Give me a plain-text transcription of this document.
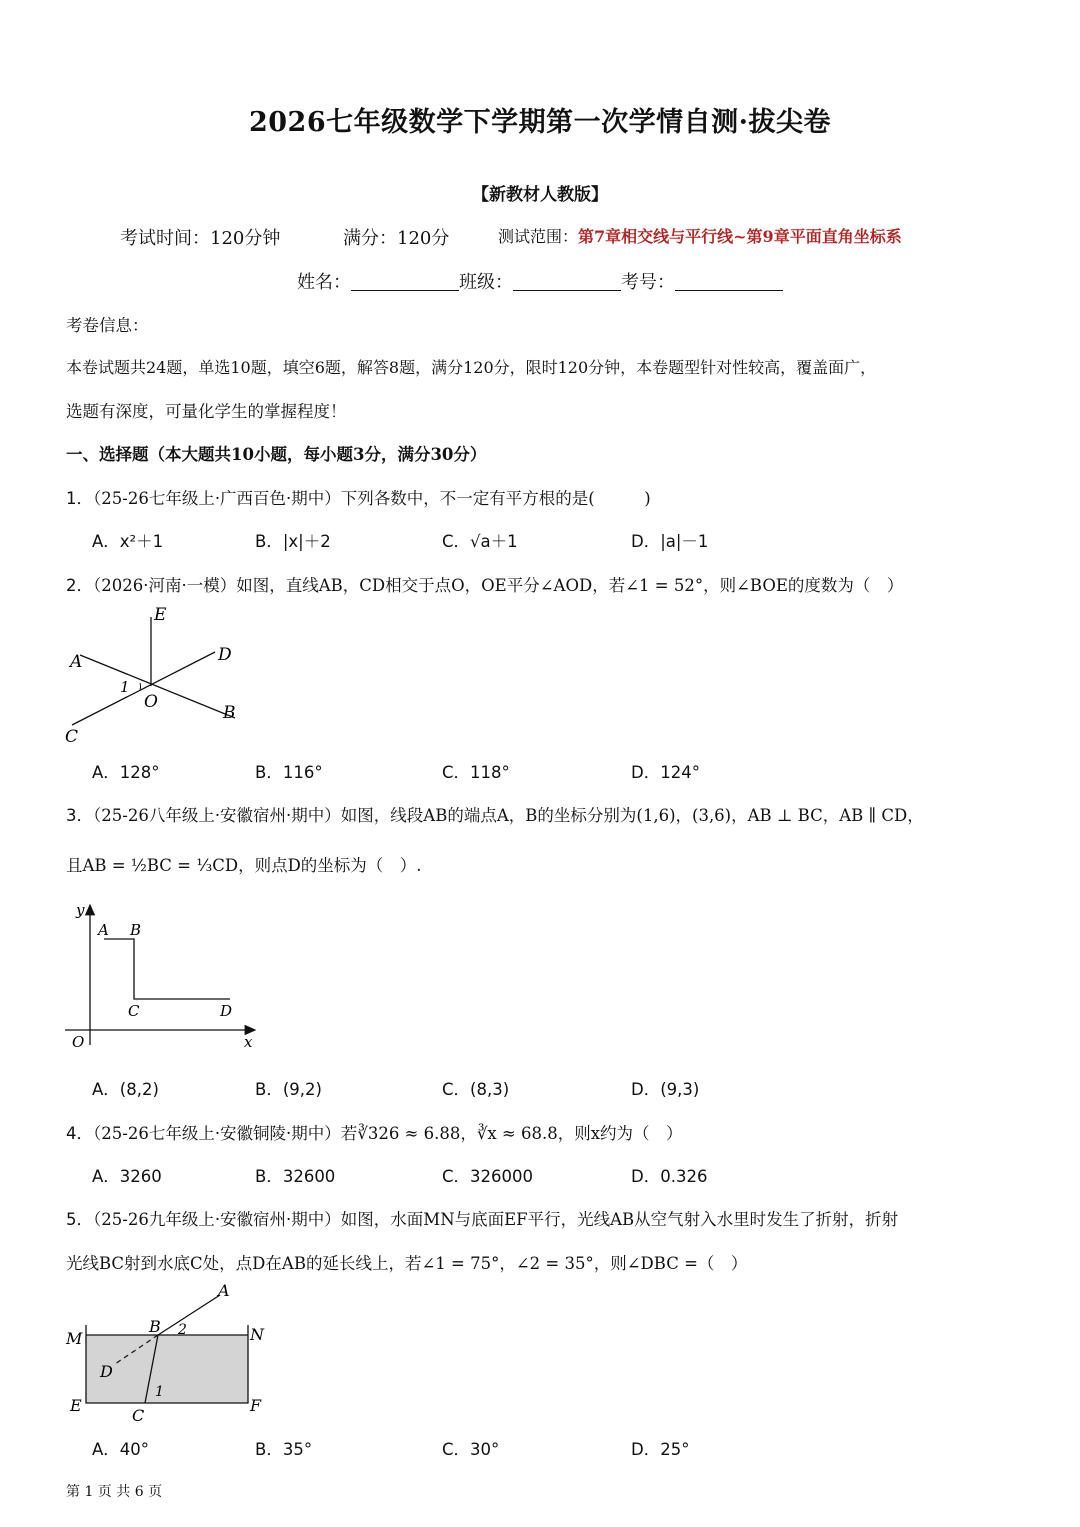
2026七年级数学下学期第一次学情自测·拔尖卷
【新教材人教版】
考试时间：120分钟	满分：120分	测试范围：第7章相交线与平行线~第9章平面直角坐标系
姓名：	班级：	考号：
考卷信息：
本卷试题共24题，单选10题，填空6题，解答8题，满分120分，限时120分钟，本卷题型针对性较高，覆盖面广，
选题有深度，可量化学生的掌握程度！
一、选择题（本大题共10小题，每小题3分，满分30分）
1．（25-26七年级上·广西百色·期中）下列各数中，不一定有平方根的是(　　　)
A．x²＋1	B．|x|＋2	C．√a＋1	D．|a|－1
2．（2026·河南·一模）如图，直线AB，CD相交于点O，OE平分∠AOD，若∠1 = 52°，则∠BOE的度数为（　）
E
D
A
1
O
B
C
A．128°	B．116°	C．118°	D．124°
3．（25-26八年级上·安徽宿州·期中）如图，线段AB的端点A，B的坐标分别为(1,6)，(3,6)，AB ⊥ BC，AB ∥ CD，
且AB = ½BC = ⅓CD，则点D的坐标为（　）.
y
A B
C	D
O	x
A．(8,2)	B．(9,2)	C．(8,3)	D．(9,3)
4．（25-26七年级上·安徽铜陵·期中）若∛326 ≈ 6.88，∛x ≈ 68.8，则x约为（　）
A．3260	B．32600	C．326000	D．0.326
5．（25-26九年级上·安徽宿州·期中）如图，水面MN与底面EF平行，光线AB从空气射入水里时发生了折射，折射
光线BC射到水底C处，点D在AB的延长线上，若∠1 = 75°，∠2 = 35°，则∠DBC =（　）
A
M
B 2	N
D
1
E
C
F
A．40°	B．35°	C．30°	D．25°
第 1 页 共 6 页
